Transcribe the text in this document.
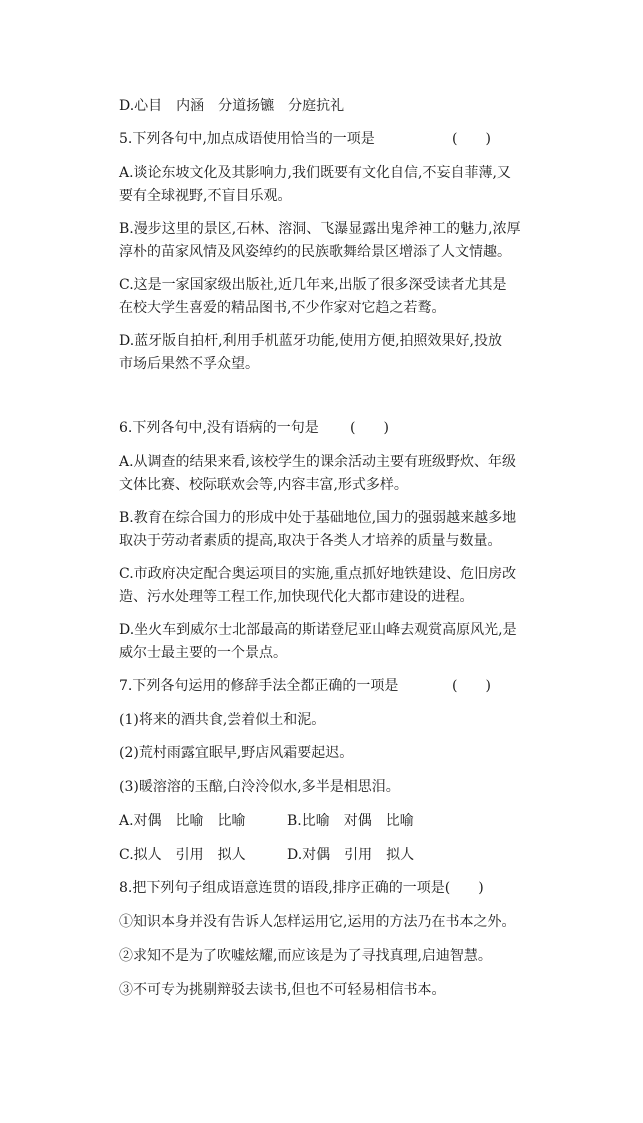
D.心目　内涵　分道扬镳　分庭抗礼
5.下列各句中,加点成语使用恰当的一项是	(　　)
A.谈论东坡文化及其影响力,我们既要有文化自信,不妄自菲薄,又
要有全球视野,不盲目乐观。
B.漫步这里的景区,石林、溶洞、飞瀑显露出鬼斧神工的魅力,浓厚
淳朴的苗家风情及风姿绰约的民族歌舞给景区增添了人文情趣。
C.这是一家国家级出版社,近几年来,出版了很多深受读者尤其是
在校大学生喜爱的精品图书,不少作家对它趋之若鹜。
D.蓝牙版自拍杆,利用手机蓝牙功能,使用方便,拍照效果好,投放
市场后果然不孚众望。
6.下列各句中,没有语病的一句是 (　　)
A.从调查的结果来看,该校学生的课余活动主要有班级野炊、年级
文体比赛、校际联欢会等,内容丰富,形式多样。
B.教育在综合国力的形成中处于基础地位,国力的强弱越来越多地
取决于劳动者素质的提高,取决于各类人才培养的质量与数量。
C.市政府决定配合奥运项目的实施,重点抓好地铁建设、危旧房改
造、污水处理等工程工作,加快现代化大都市建设的进程。
D.坐火车到威尔士北部最高的斯诺登尼亚山峰去观赏高原风光,是
威尔士最主要的一个景点。
7.下列各句运用的修辞手法全都正确的一项是	(　　)
(1)将来的酒共食,尝着似土和泥。
(2)荒村雨露宜眠早,野店风霜要起迟。
(3)暖溶溶的玉醅,白泠泠似水,多半是相思泪。
A.对偶　比喻　比喻	B.比喻　对偶　比喻
C.拟人　引用　拟人	D.对偶　引用　拟人
8.把下列句子组成语意连贯的语段,排序正确的一项是(　　)
①知识本身并没有告诉人怎样运用它,运用的方法乃在书本之外。
②求知不是为了吹嘘炫耀,而应该是为了寻找真理,启迪智慧。
③不可专为挑剔辩驳去读书,但也不可轻易相信书本。
